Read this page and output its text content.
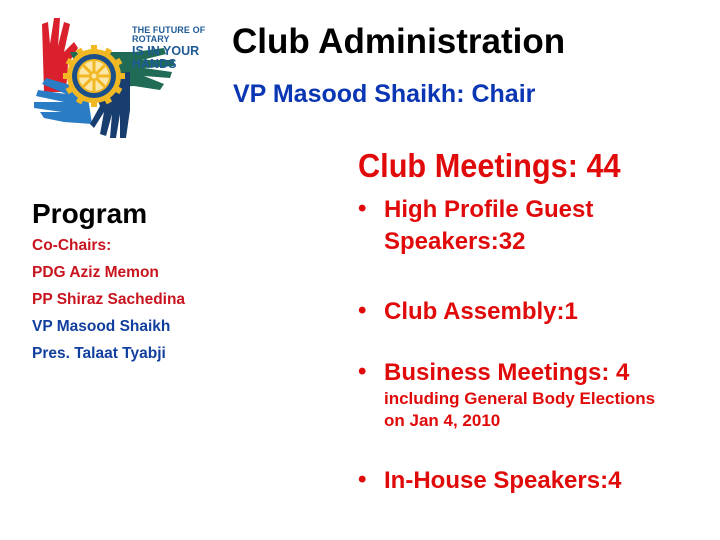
THE FUTURE OF ROTARY
IS IN YOUR HANDS
Club Administration
VP Masood Shaikh: Chair
Club Meetings: 44
Program
Co-Chairs:
PDG Aziz Memon
PP Shiraz Sachedina
VP Masood Shaikh
Pres. Talaat Tyabji
• High Profile Guest
Speakers:32
• Club Assembly:1
• Business Meetings: 4
including General Body Elections
on Jan 4, 2010
• In-House Speakers:4
